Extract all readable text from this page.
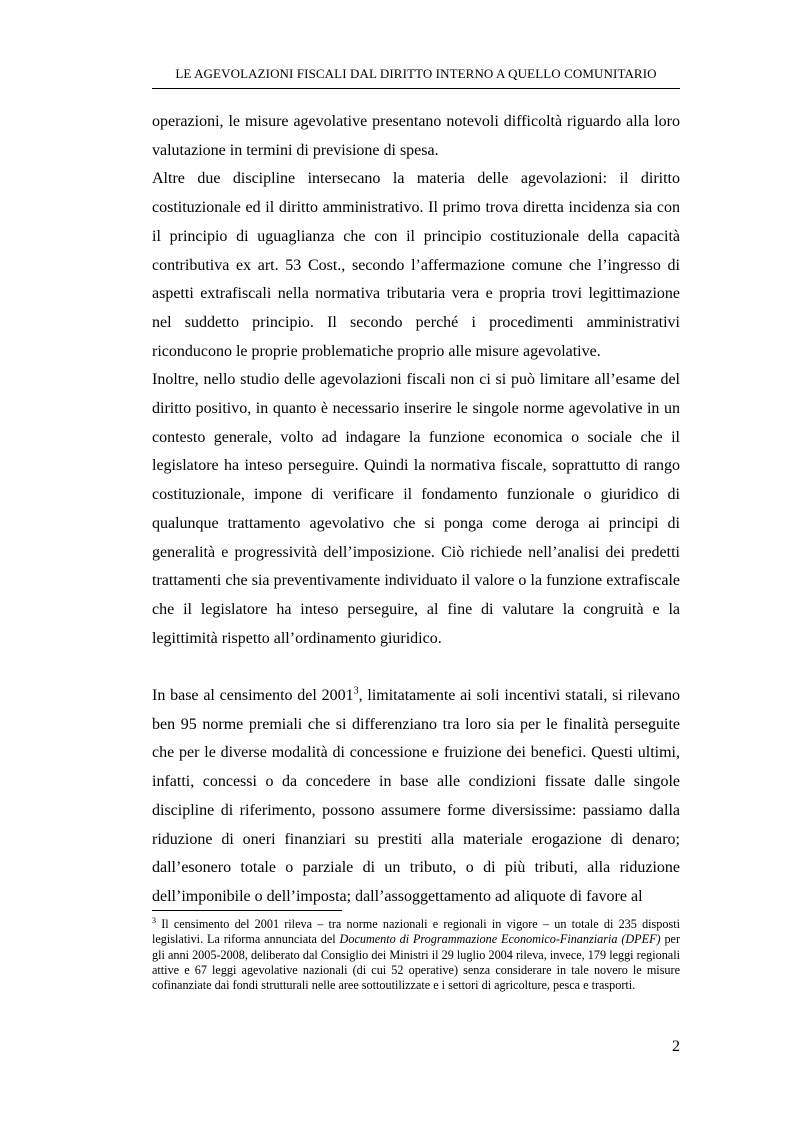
LE AGEVOLAZIONI FISCALI DAL DIRITTO INTERNO A QUELLO COMUNITARIO

operazioni, le misure agevolative presentano notevoli difficoltà riguardo alla loro valutazione in termini di previsione di spesa.

Altre due discipline intersecano la materia delle agevolazioni: il diritto costituzionale ed il diritto amministrativo. Il primo trova diretta incidenza sia con il principio di uguaglianza che con il principio costituzionale della capacità contributiva ex art. 53 Cost., secondo l’affermazione comune che l’ingresso di aspetti extrafiscali nella normativa tributaria vera e propria trovi legittimazione nel suddetto principio. Il secondo perché i procedimenti amministrativi riconducono le proprie problematiche proprio alle misure agevolative.

Inoltre, nello studio delle agevolazioni fiscali non ci si può limitare all’esame del diritto positivo, in quanto è necessario inserire le singole norme agevolative in un contesto generale, volto ad indagare la funzione economica o sociale che il legislatore ha inteso perseguire. Quindi la normativa fiscale, soprattutto di rango costituzionale, impone di verificare il fondamento funzionale o giuridico di qualunque trattamento agevolativo che si ponga come deroga ai principi di generalità e progressività dell’imposizione. Ciò richiede nell’analisi dei predetti trattamenti che sia preventivamente individuato il valore o la funzione extrafiscale che il legislatore ha inteso perseguire, al fine di valutare la congruità e la legittimità rispetto all’ordinamento giuridico.

In base al censimento del 2001$^3$, limitatamente ai soli incentivi statali, si rilevano ben 95 norme premiali che si differenziano tra loro sia per le finalità perseguite che per le diverse modalità di concessione e fruizione dei benefici. Questi ultimi, infatti, concessi o da concedere in base alle condizioni fissate dalle singole discipline di riferimento, possono assumere forme diversissime: passiamo dalla riduzione di oneri finanziari su prestiti alla materiale erogazione di denaro; dall’esonero totale o parziale di un tributo, o di più tributi, alla riduzione dell’imponibile o dell’imposta; dall’assoggettamento ad aliquote di favore al

$^3$ Il censimento del 2001 rileva – tra norme nazionali e regionali in vigore – un totale di 235 disposti legislativi. La riforma annunciata del Documento di Programmazione Economico-Finanziaria (DPEF) per gli anni 2005-2008, deliberato dal Consiglio dei Ministri il 29 luglio 2004 rileva, invece, 179 leggi regionali attive e 67 leggi agevolative nazionali (di cui 52 operative) senza considerare in tale novero le misure cofinanziate dai fondi strutturali nelle aree sottoutilizzate e i settori di agricolture, pesca e trasporti.
2
